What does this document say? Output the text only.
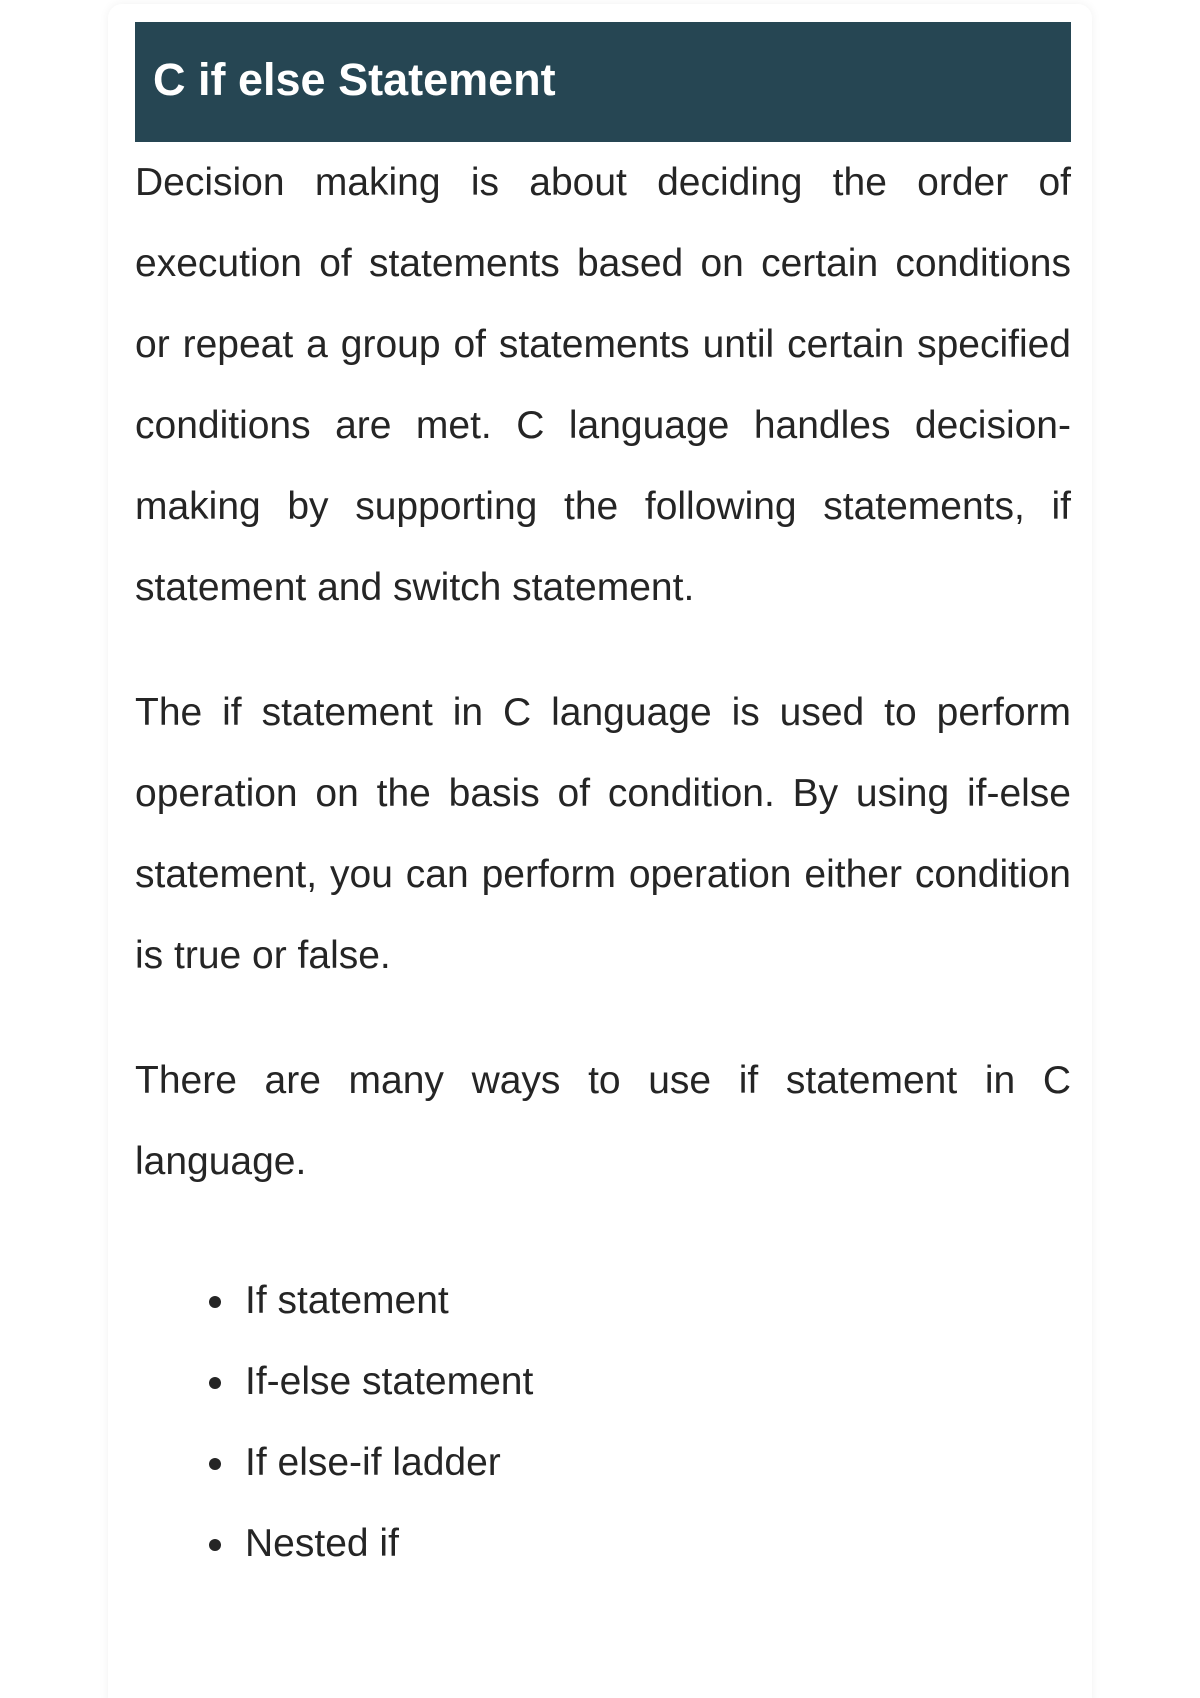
C if else Statement

Decision making is about deciding the order of execution of statements based on certain conditions or repeat a group of statements until certain specified conditions are met. C language handles decision-making by supporting the following statements, if statement and switch statement.

The if statement in C language is used to perform operation on the basis of condition. By using if-else statement, you can perform operation either condition is true or false.

There are many ways to use if statement in C language.

If statement
If-else statement
If else-if ladder
Nested if
